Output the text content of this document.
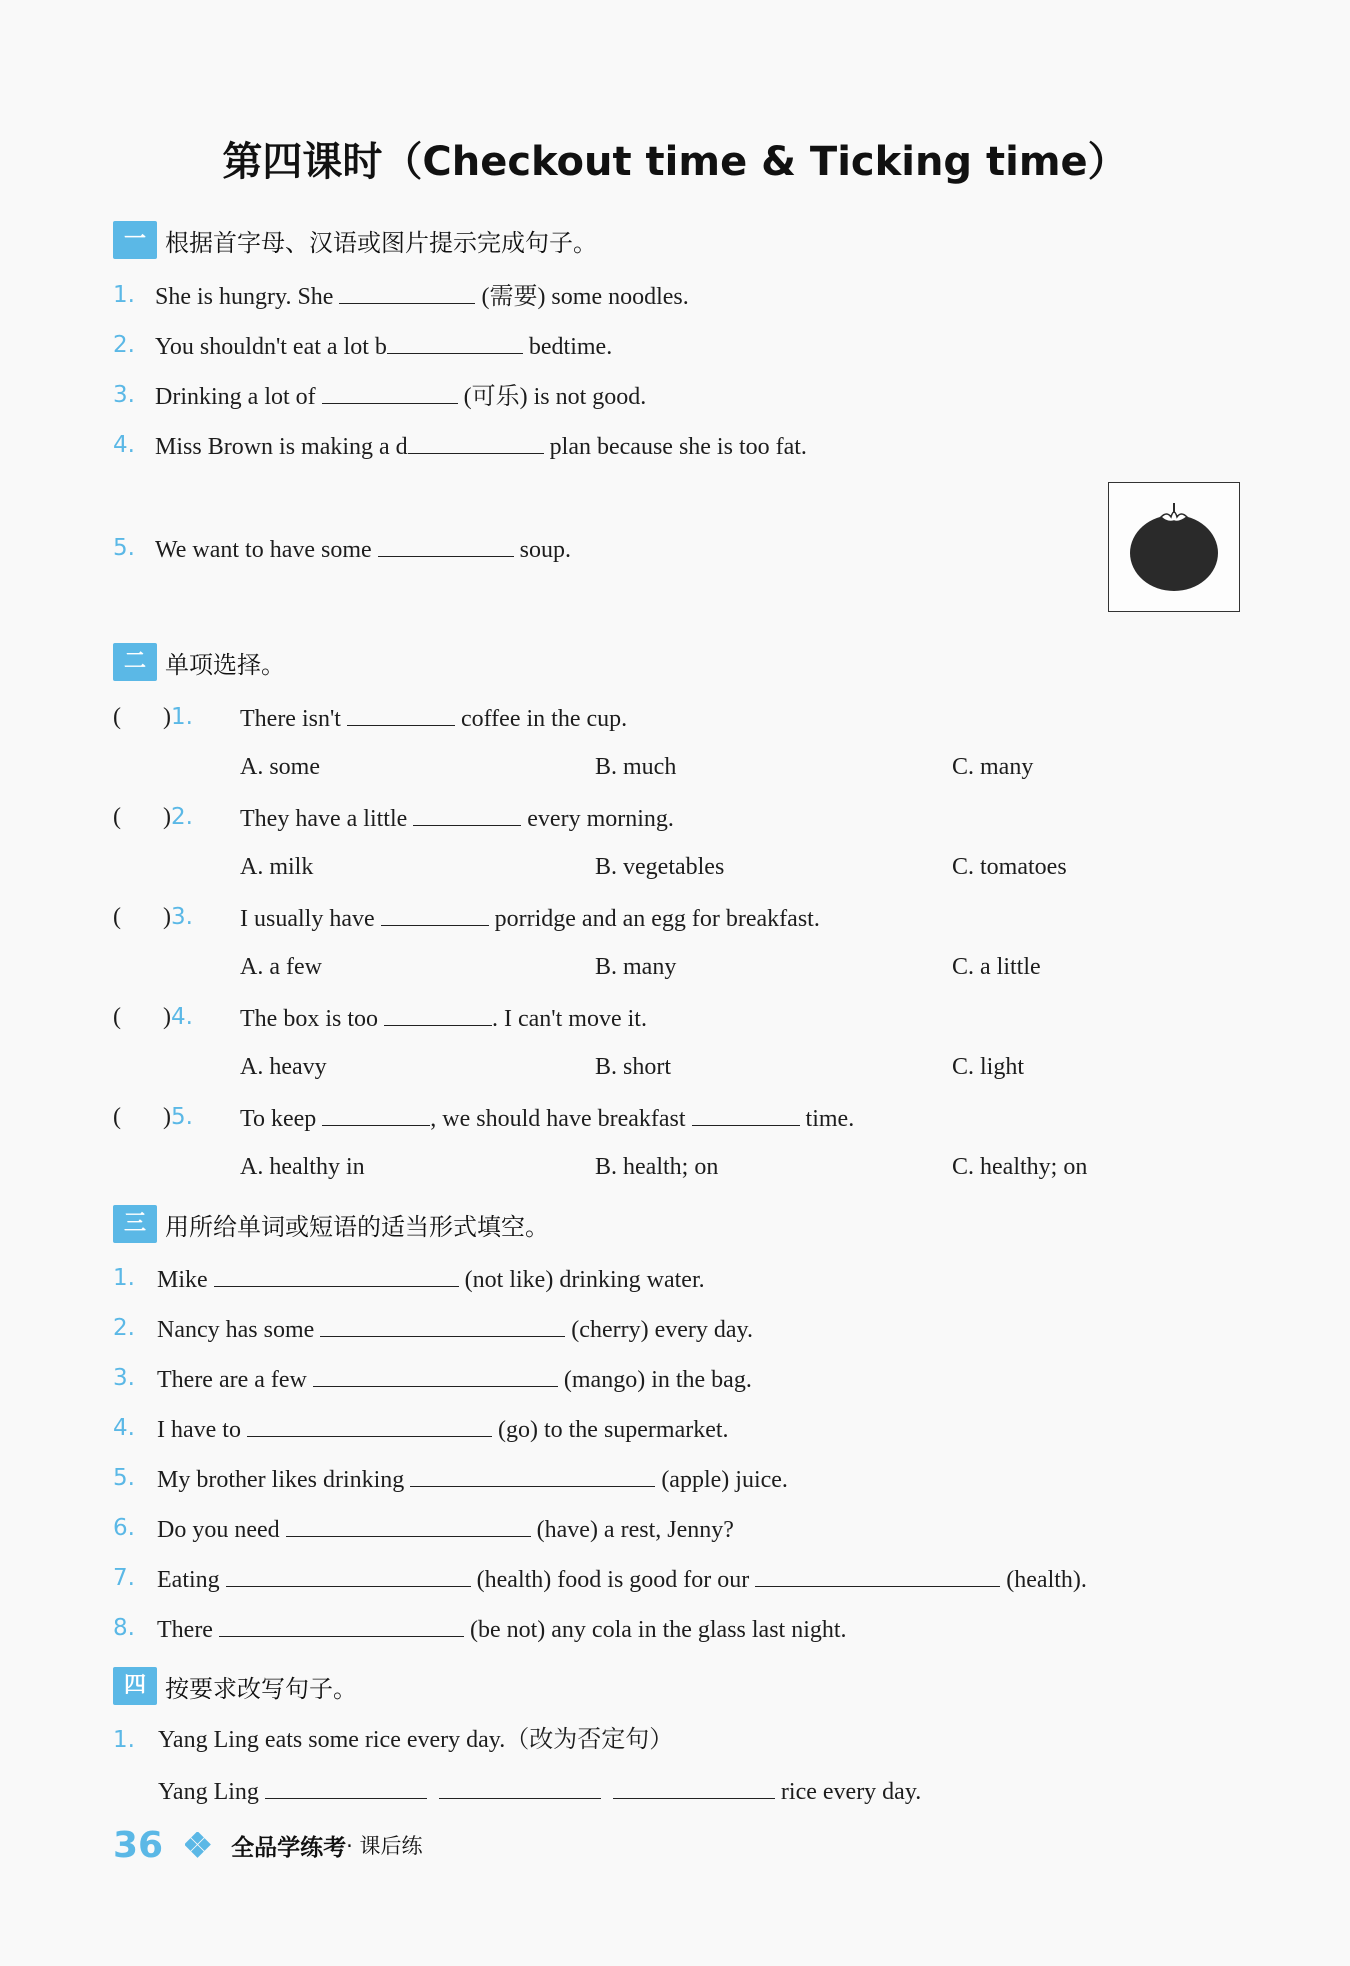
第四课时（Checkout time & Ticking time）
一 根据首字母、汉语或图片提示完成句子。
1. She is hungry. She	(需要) some noodles.
2. You shouldn't eat a lot b	bedtime.
3. Drinking a lot of	(可乐) is not good.
4. Miss Brown is making a d	plan because she is too fat.
5. We want to have some	soup.
二 单项选择。
(       )1. There isn't	coffee in the cup.
A. some	B. much	C. many
(       )2. They have a little	every morning.
A. milk	B. vegetables	C. tomatoes
(       )3. I usually have	porridge and an egg for breakfast.
A. a few	B. many	C. a little
(       )4. The box is too	. I can't move it.
A. heavy	B. short	C. light
(       )5. To keep	, we should have breakfast	time.
A. healthy in	B. health; on	C. healthy; on
三 用所给单词或短语的适当形式填空。
1. Mike	(not like) drinking water.
2. Nancy has some	(cherry) every day.
3. There are a few	(mango) in the bag.
4. I have to	(go) to the supermarket.
5. My brother likes drinking	(apple) juice.
6. Do you need	(have) a rest, Jenny?
7. Eating	(health) food is good for our	(health).
8. There	(be not) any cola in the glass last night.
四 按要求改写句子。
1. Yang Ling eats some rice every day.（改为否定句）
Yang Ling	rice every day.
36	全品学练考 · 课后练
